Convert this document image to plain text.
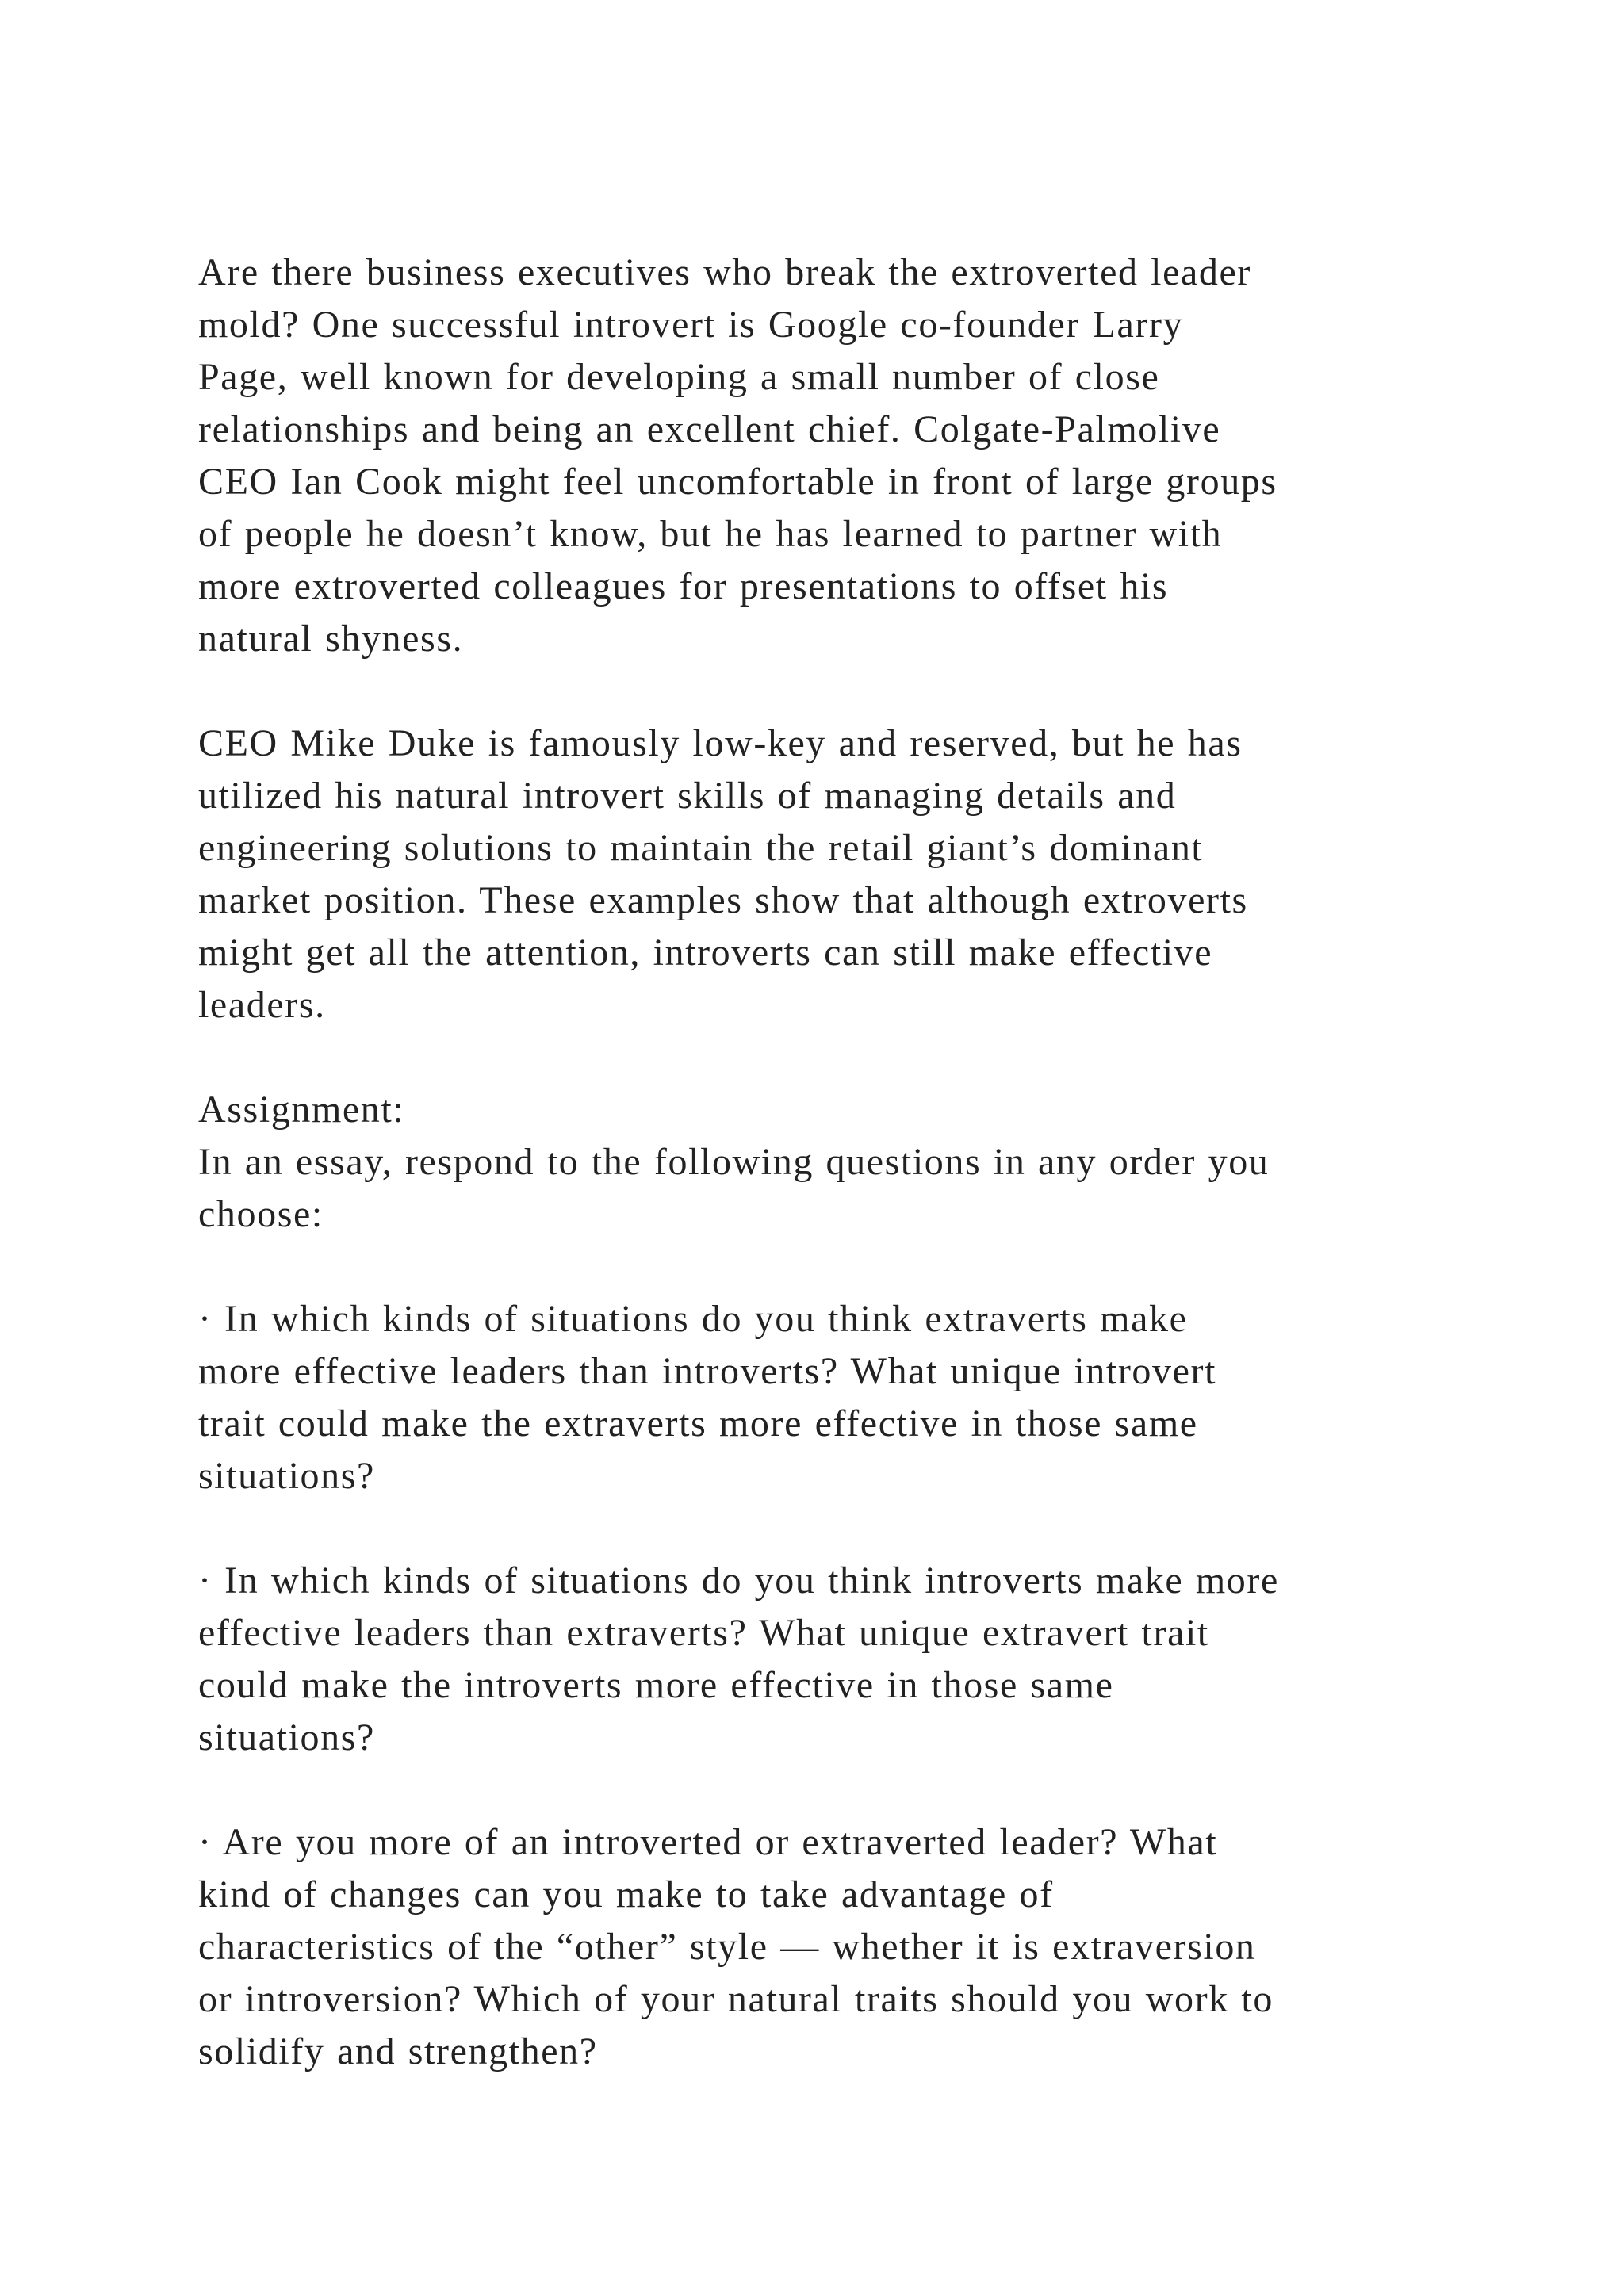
Are there business executives who break the extroverted leader
mold? One successful introvert is Google co-founder Larry
Page, well known for developing a small number of close
relationships and being an excellent chief. Colgate-Palmolive
CEO Ian Cook might feel uncomfortable in front of large groups
of people he doesn’t know, but he has learned to partner with
more extroverted colleagues for presentations to offset his
natural shyness.
CEO Mike Duke is famously low-key and reserved, but he has
utilized his natural introvert skills of managing details and
engineering solutions to maintain the retail giant’s dominant
market position. These examples show that although extroverts
might get all the attention, introverts can still make effective
leaders.
Assignment:
In an essay, respond to the following questions in any order you
choose:
· In which kinds of situations do you think extraverts make
more effective leaders than introverts? What unique introvert
trait could make the extraverts more effective in those same
situations?
· In which kinds of situations do you think introverts make more
effective leaders than extraverts? What unique extravert trait
could make the introverts more effective in those same
situations?
· Are you more of an introverted or extraverted leader? What
kind of changes can you make to take advantage of
characteristics of the “other” style — whether it is extraversion
or introversion? Which of your natural traits should you work to
solidify and strengthen?
